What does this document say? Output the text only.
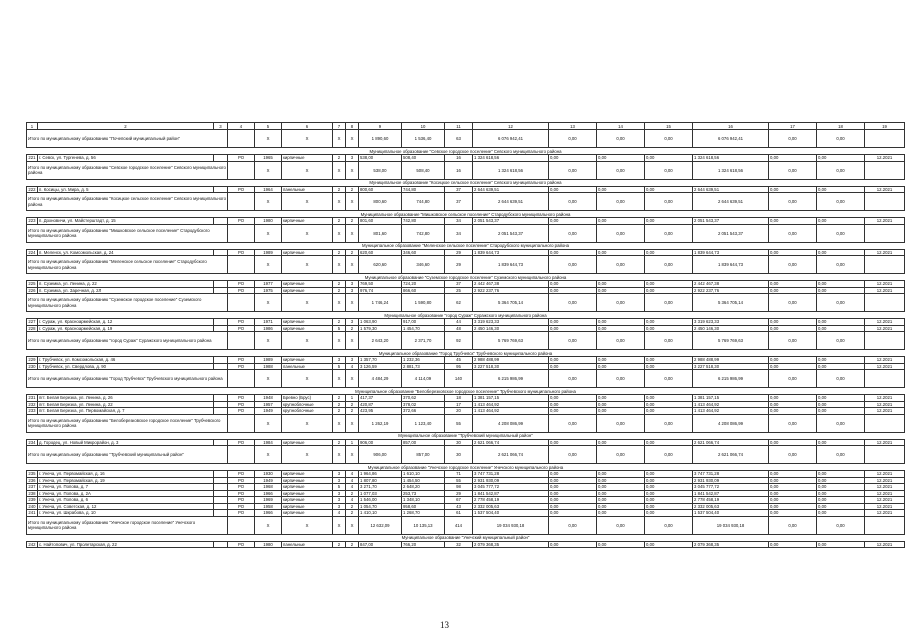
1	2	3	4	5	6	7	8	9	10	11	12	13	14	15	16	17	18	19
Итого по муниципальному образованию "Почепский муниципальный район"				X	X	X	X	1 890,60	1 536,40	63	6 076 942,41	0,00	0,00	0,00	6 076 942,41	0,00	0,00	
Муниципальное образование "Севское городское поселение" Севского муниципального района																		
221	г. Севск, ул. Тургенева, д. 56		РО	1965	кирпичные	2	3	538,00	508,40	16	1 324 618,56	0,00	0,00	0,00	1 324 618,56	0,00	0,00	12.2021
Итого по муниципальному образованию "Севское городское поселение" Севского муниципального района				X	X	X	X	538,00	508,40	16	1 324 618,56	0,00	0,00	0,00	1 324 618,56	0,00	0,00	
Муниципальное образование "Косицкое сельское поселение" Севского муниципального района																		
222	п. Косицы, ул. Мира, д. 5		РО	1964	панельные	2	2	800,60	744,80	37	2 644 639,51	0,00	0,00	0,00	2 644 639,51	0,00	0,00	12.2021
Итого по муниципальному образованию "Косицкое сельское поселение" Севского муниципального района				X	X	X	X	800,60	744,80	37	2 644 639,51	0,00	0,00	0,00	2 644 639,51	0,00	0,00	
Муниципальное образование "Мишковское сельское поселение" Стародубского муниципального района																		
223	п. Дохновичи, ул. Майстерштадт, д. 15		РО	1980	кирпичные	2	2	801,60	742,80	34	2 051 543,37	0,00	0,00	0,00	2 051 543,37	0,00	0,00	12.2021
Итого по муниципальному образованию "Мишковское сельское поселение" Стародубского муниципального района				X	X	X	X	801,60	742,80	34	2 051 543,37	0,00	0,00	0,00	2 051 543,37	0,00	0,00	
Муниципальное образование "Меленское сельское поселение" Стародубского муниципального района																		
224	п. Меленск, ул. Комсомольская, д. 24		РО	1989	кирпичные	2	2	620,60	346,60	29	1 839 644,73	0,00	0,00	0,00	1 839 644,73	0,00	0,00	12.2021
Итого по муниципальному образованию "Меленское сельское поселение" Стародубского муниципального района				X	X	X	X	620,60	346,60	29	1 839 644,73	0,00	0,00	0,00	1 839 644,73	0,00	0,00	
Муниципальное образование "Суземское городское поселение" Суземского муниципального района																		
225	п. Суземка, ул. Ленина, д. 22		РО	1977	кирпичные	2	3	769,50	724,20	37	2 442 467,38	0,00	0,00	0,00	2 442 467,38	0,00	0,00	12.2021
226	п. Суземка, ул. Заречная, д. 2Л		РО	1975	кирпичные	2	3	976,74	866,60	25	2 922 237,76	0,00	0,00	0,00	2 922 237,76	0,00	0,00	12.2021
Итого по муниципальному образованию "Суземское городское поселение" Суземского муниципального района				X	X	X	X	1 746,24	1 590,80	62	5 364 705,14	0,00	0,00	0,00	5 364 705,14	0,00	0,00	
Муниципальное образование "город Сураж" Суражского муниципального района																		
227	г. Сураж, ул. Красноармейская, д. 12		РО	1971	кирпичные	2	3	1 063,90	917,00	44	3 319 623,33	0,00	0,00	0,00	3 319 623,33	0,00	0,00	12.2021
228	г. Сураж, ул. Красноармейская, д. 19		РО	1986	кирпичные	5	2	1 579,30	1 454,70	48	2 450 146,30	0,00	0,00	0,00	2 450 146,30	0,00	0,00	12.2021
Итого по муниципальному образованию "город Сураж" Суражского муниципального района				X	X	X	X	2 643,20	2 371,70	92	5 769 769,63	0,00	0,00	0,00	5 769 769,63	0,00	0,00	
Муниципальное образование "Город Трубчевск" Трубчевского муниципального района																		
229	г. Трубчевск, ул. Комсомольская, д. 46		РО	1989	кирпичные	3	3	1 357,70	1 232,36	45	2 988 488,99	0,00	0,00	0,00	2 988 488,99	0,00	0,00	12.2021
230	г. Трубчевск, ул. Свердлова, д. 90		РО	1988	панельные	5	4	3 126,59	2 881,73	95	3 227 518,30	0,00	0,00	0,00	3 227 518,30	0,00	0,00	12.2021
Итого по муниципальному образованию "Город Трубчевск" Трубчевского муниципального района				X	X	X	X	4 484,29	4 114,09	140	6 215 986,99	0,00	0,00	0,00	6 215 986,99	0,00	0,00	
Муниципальное образование "Белоберезковское городское поселение" Трубчевского муниципального района																		
231	пгт. Белая Березка, ул. Ленина, д. 26		РО	1948	Бревно (Брус)	2	1	417,37	370,62	18	1 381 157,15	0,00	0,00	0,00	1 381 157,15	0,00	0,00	12.2021
232	пгт. Белая Березка, ул. Ленина, д. 22		РО	1957	крупноблочные	2	2	420,87	378,02	17	1 413 464,92	0,00	0,00	0,00	1 413 464,92	0,00	0,00	12.2021
233	пгт. Белая Березка, ул. Первомайская, д. 7		РО	1949	крупноблочные	2	2	423,95	372,66	20	1 413 464,92	0,00	0,00	0,00	1 413 464,92	0,00	0,00	12.2021
Итого по муниципальному образованию "Белоберезковское городское поселение" Трубчевского муниципального района				X	X	X	X	1 262,19	1 123,40	55	4 208 086,99	0,00	0,00	0,00	4 208 086,99	0,00	0,00	
Муниципальное образование "Трубчевский муниципальный район"																		
234	д. Городец, ул. Новый Микрорайон, д. 3		РО	1984	кирпичные	2	1	906,00	857,00	30	2 621 066,74	0,00	0,00	0,00	2 621 066,74	0,00	0,00	12.2021
Итого по муниципальному образованию "Трубчевский муниципальный район"				X	X	X	X	906,00	857,00	30	2 621 066,74	0,00	0,00	0,00	2 621 066,74	0,00	0,00	
Муниципальное образование "Унечское городское поселение" Унечского муниципального района																		
235	г. Унеча, ул. Первомайская, д. 16		РО	1930	кирпичные	3	4	1 964,86	1 610,10	71	3 747 731,28	0,00	0,00	0,00	3 747 731,28	0,00	0,00	12.2021
236	г. Унеча, ул. Первомайская, д. 19		РО	1949	кирпичные	3	4	1 807,80	1 454,50	55	2 931 930,09	0,00	0,00	0,00	2 931 930,09	0,00	0,00	12.2021
237	г. Унеча, ул. Попова, д. 7		РО	1968	кирпичные	5	4	3 271,70	2 648,20	98	3 045 777,72	0,00	0,00	0,00	3 045 777,72	0,00	0,00	12.2021
238	г. Унеча, ул. Попова, д. 2А		РО	1966	кирпичные	3	2	1 077,03	253,73	29	1 841 542,87	0,00	0,00	0,00	1 841 542,87	0,00	0,00	12.2021
239	г. Унеча, ул. Попова, д. 6		РО	1969	кирпичные	3	4	1 546,00	1 348,10	67	2 778 458,19	0,00	0,00	0,00	2 778 458,19	0,00	0,00	12.2021
240	г. Унеча, ул. Советская, д. 12		РО	1958	кирпичные	3	2	1 054,70	958,60	43	2 332 005,63	0,00	0,00	0,00	2 332 005,63	0,00	0,00	12.2021
241	г. Унеча, ул. Шкрабова, д. 10		РО	1966	кирпичные	4	2	1 410,10	1 268,70	61	1 537 504,40	0,00	0,00	0,00	1 537 504,40	0,00	0,00	12.2021
Итого по муниципальному образованию "Унечское городское поселение" Унечского муниципального района				X	X	X	X	12 632,09	10 135,13	414	19 034 930,18	0,00	0,00	0,00	19 034 930,18	0,00	0,00	
Муниципальное образование "Унечский муниципальный район"																		
242	с. Найтопович, ул. Пролетарская, д. 22		РО	1980	панельные	2	2	847,00	766,20	32	2 079 368,35	0,00	0,00	0,00	2 079 368,35	0,00	0,00	12.2021
13
